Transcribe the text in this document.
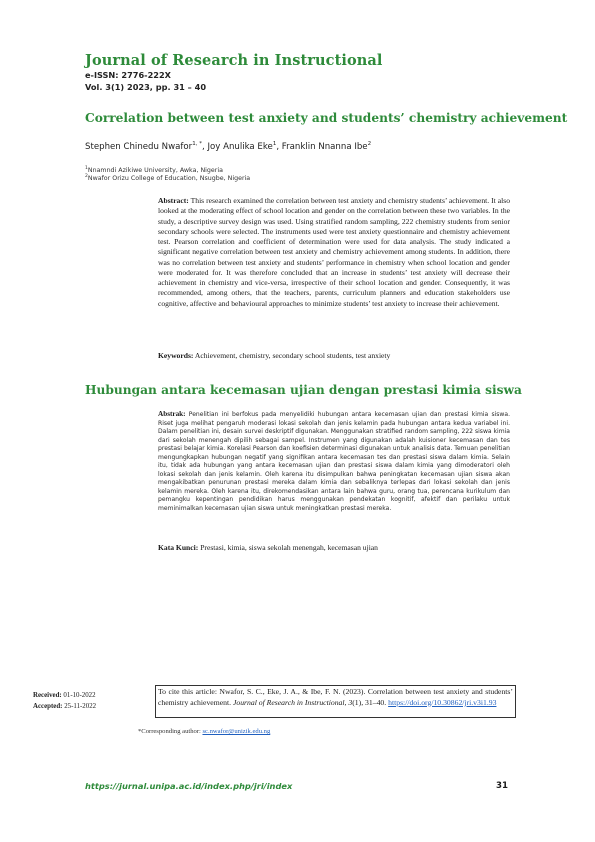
Journal of Research in Instructional
e-ISSN: 2776-222X
Vol. 3(1) 2023, pp. 31 – 40
Correlation between test anxiety and students’ chemistry achievement
Stephen Chinedu Nwafor$^{1, *}$, Joy Anulika Eke$^1$, Franklin Nnanna Ibe$^2$
$^1$Nnamndi Azikiwe University, Awka, Nigeria
$^2$Nwafor Orizu College of Education, Nsugbe, Nigeria
Abstract: This research examined the correlation between test anxiety and chemistry students’ achievement. It also looked at the moderating effect of school location and gender on the correlation between these two variables. In the study, a descriptive survey design was used. Using stratified random sampling, 222 chemistry students from senior secondary schools were selected. The instruments used were test anxiety questionnaire and chemistry achievement test. Pearson correlation and coefficient of determination were used for data analysis. The study indicated a significant negative correlation between test anxiety and chemistry achievement among students. In addition, there was no correlation between test anxiety and students’ performance in chemistry when school location and gender were moderated for. It was therefore concluded that an increase in students’ test anxiety will decrease their achievement in chemistry and vice-versa, irrespective of their school location and gender. Consequently, it was recommended, among others, that the teachers, parents, curriculum planners and education stakeholders use cognitive, affective and behavioural approaches to minimize students’ test anxiety to increase their achievement.
Keywords: Achievement, chemistry, secondary school students, test anxiety
Hubungan antara kecemasan ujian dengan prestasi kimia siswa
Abstrak: Penelitian ini berfokus pada menyelidiki hubungan antara kecemasan ujian dan prestasi kimia siswa. Riset juga melihat pengaruh moderasi lokasi sekolah dan jenis kelamin pada hubungan antara kedua variabel ini. Dalam penelitian ini, desain survei deskriptif digunakan. Menggunakan stratified random sampling, 222 siswa kimia dari sekolah menengah dipilih sebagai sampel. Instrumen yang digunakan adalah kuisioner kecemasan dan tes prestasi belajar kimia. Korelasi Pearson dan koefisien determinasi digunakan untuk analisis data. Temuan penelitian mengungkapkan hubungan negatif yang signifikan antara kecemasan tes dan prestasi siswa dalam kimia. Selain itu, tidak ada hubungan yang antara kecemasan ujian dan prestasi siswa dalam kimia yang dimoderatori oleh lokasi sekolah dan jenis kelamin. Oleh karena itu disimpulkan bahwa peningkatan kecemasan ujian siswa akan mengakibatkan penurunan prestasi mereka dalam kimia dan sebaliknya terlepas dari lokasi sekolah dan jenis kelamin mereka. Oleh karena itu, direkomendasikan antara lain bahwa guru, orang tua, perencana kurikulum dan pemangku kepentingan pendidikan harus menggunakan pendekatan kognitif, afektif dan perilaku untuk meminimalkan kecemasan ujian siswa untuk meningkatkan prestasi mereka.
Kata Kunci: Prestasi, kimia, siswa sekolah menengah, kecemasan ujian
Received: 01-10-2022
Accepted: 25-11-2022
To cite this article: Nwafor, S. C., Eke, J. A., & Ibe, F. N. (2023). Correlation between test anxiety and students’ chemistry achievement. Journal of Research in Instructional, 3(1), 31–40. https://doi.org/10.30862/jri.v3i1.93
*Corresponding author: sc.nwafor@unizik.edu.ng
https://jurnal.unipa.ac.id/index.php/jri/index	31
